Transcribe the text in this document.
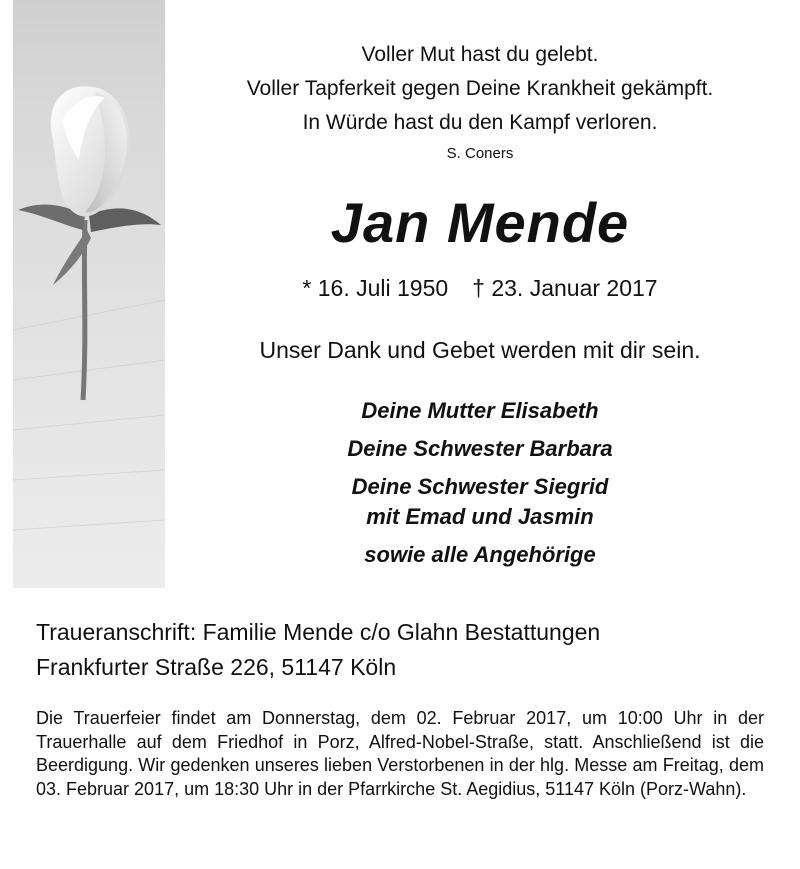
Voller Mut hast du gelebt.
Voller Tapferkeit gegen Deine Krankheit gekämpft.
In Würde hast du den Kampf verloren.
S. Coners
Jan Mende
* 16. Juli 1950 † 23. Januar 2017
Unser Dank und Gebet werden mit dir sein.
Deine Mutter Elisabeth
Deine Schwester Barbara
Deine Schwester Siegrid
mit Emad und Jasmin
sowie alle Angehörige
Traueranschrift: Familie Mende c/o Glahn Bestattungen
Frankfurter Straße 226, 51147 Köln
Die Trauerfeier findet am Donnerstag, dem 02. Februar 2017, um 10:00 Uhr in der Trauerhalle auf dem Friedhof in Porz, Alfred-Nobel-Straße, statt. Anschließend ist die Beerdigung. Wir gedenken unseres lieben Verstorbenen in der hlg. Messe am Freitag, dem 03. Februar 2017, um 18:30 Uhr in der Pfarrkirche St. Aegidius, 51147 Köln (Porz-Wahn).
